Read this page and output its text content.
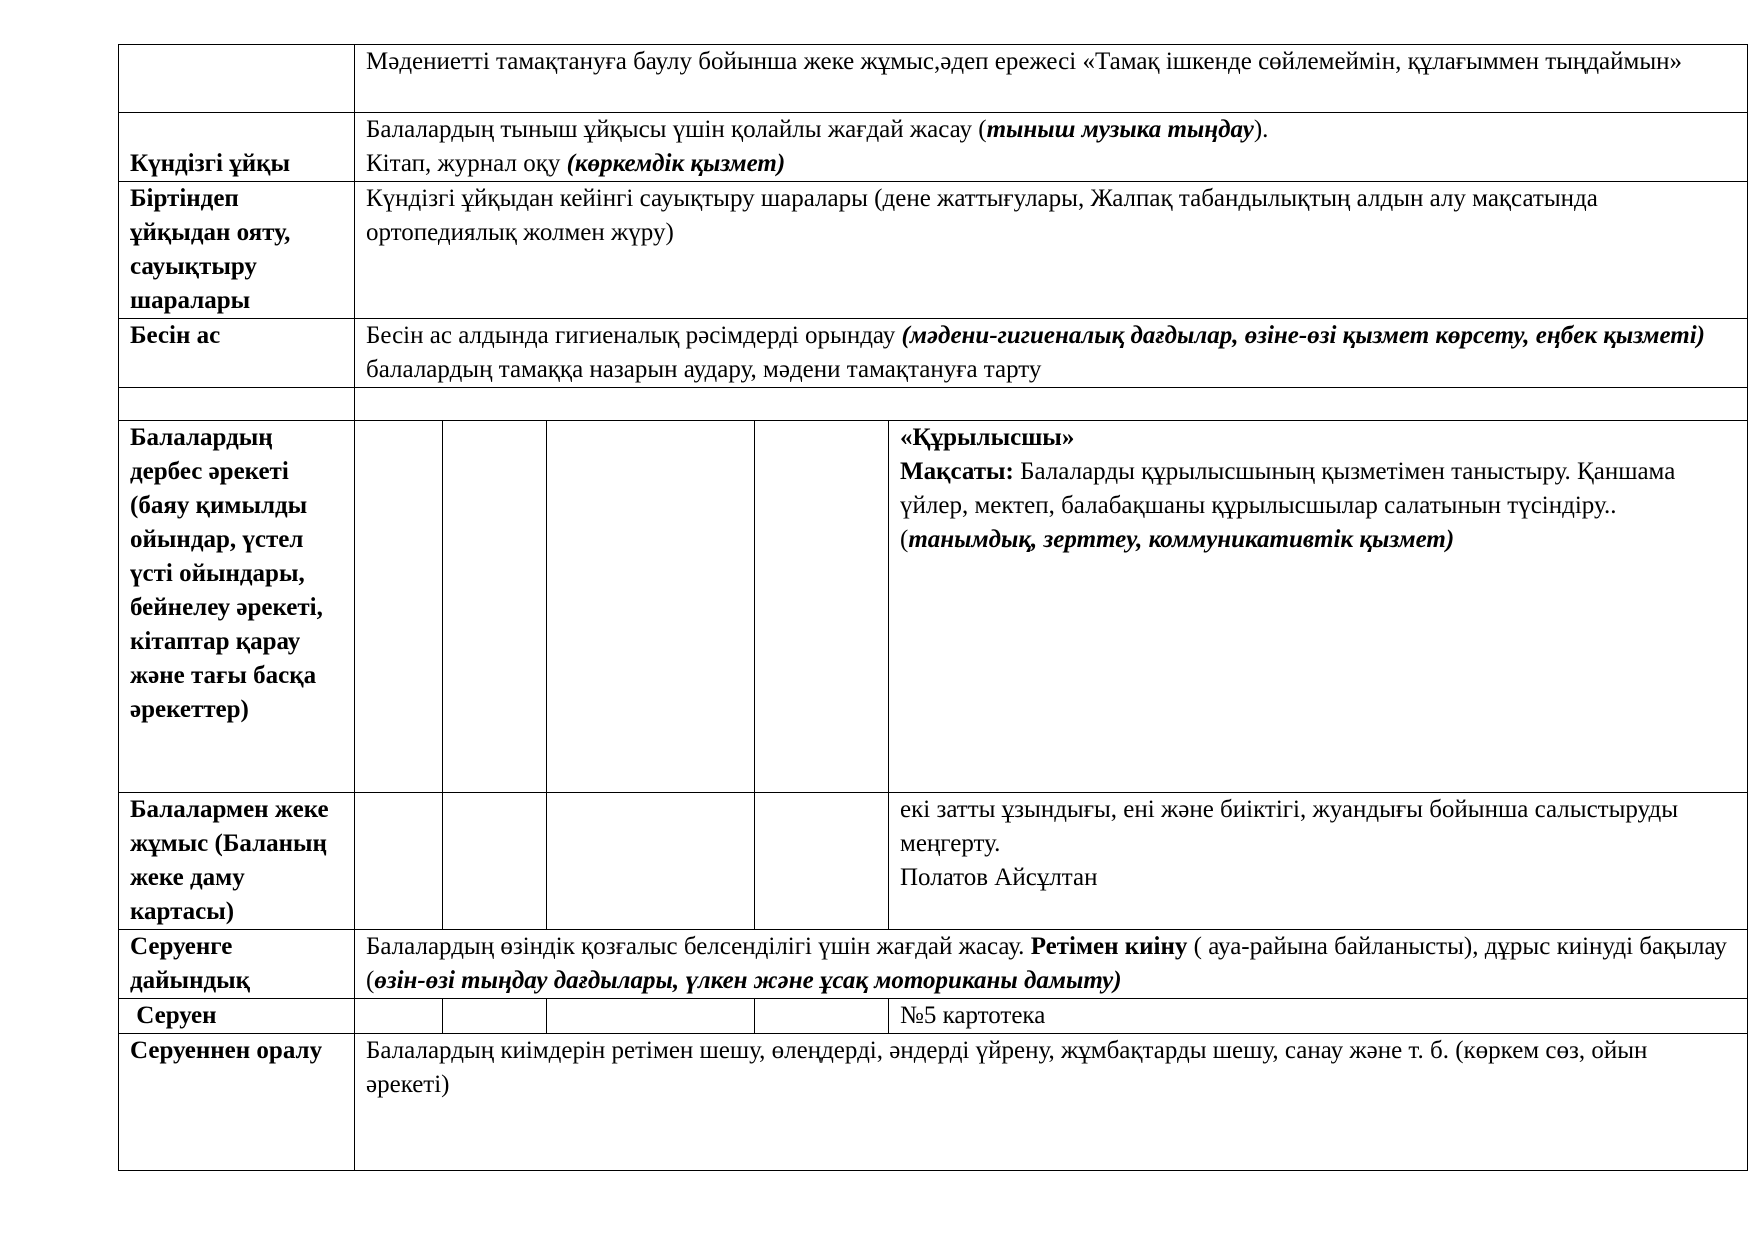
	Мәдениетті тамақтануға баулу бойынша жеке жұмыс,әдеп ережесі «Тамақ ішкенде сөйлемеймін, құлағыммен тыңдаймын»				
Күндізгі ұйқы	Балалардың тыныш ұйқысы үшін қолайлы жағдай жасау (тыныш музыка тыңдау).
Кітап, журнал оқу (көркемдік қызмет)				

Біртіндеп ұйқыдан ояту, сауықтыру шаралары	Күндізгі ұйқыдан кейінгі сауықтыру шаралары (дене жаттығулары, Жалпақ табандылықтың алдын алу мақсатында ортопедиялық жолмен жүру)				
Бесін ас	Бесін ас алдында гигиеналық рәсімдерді орындау (мәдени-гигиеналық дағдылар, өзіне-өзі қызмет көрсету, еңбек қызметі) балалардың тамаққа назарын аудару, мәдени тамақтануға тарту				

Балалардың дербес әрекеті (баяу қимылды ойындар, үстел үсті ойындары, бейнелеу әрекеті, кітаптар қарау және тағы басқа әрекеттер)					«Құрылысшы»
Мақсаты: Балаларды құрылысшының қызметімен таныстыру. Қаншама үйлер, мектеп, балабақшаны құрылысшылар салатынын түсіндіру..
(танымдық, зерттеу, коммуникативтік қызмет)

Балалармен жеке жұмыс (Баланың жеке даму картасы)					екі затты ұзындығы, ені және биіктігі, жуандығы бойынша салыстыруды меңгерту.
Полатов Айсұлтан

Серуенге дайындық	Балалардың өзіндік қозғалыс белсенділігі үшін жағдай жасау. Ретімен киіну ( ауа-райына байланысты), дұрыс киінуді бақылау (өзін-өзі тыңдау дағдылары, үлкен және ұсақ моториканы дамыту)				
Серуен					№5 картотека
Серуеннен оралу	Балалардың киімдерін ретімен шешу, өлеңдерді, әндерді үйрену, жұмбақтарды шешу, санау және т. б. (көркем сөз, ойын әрекеті)				
